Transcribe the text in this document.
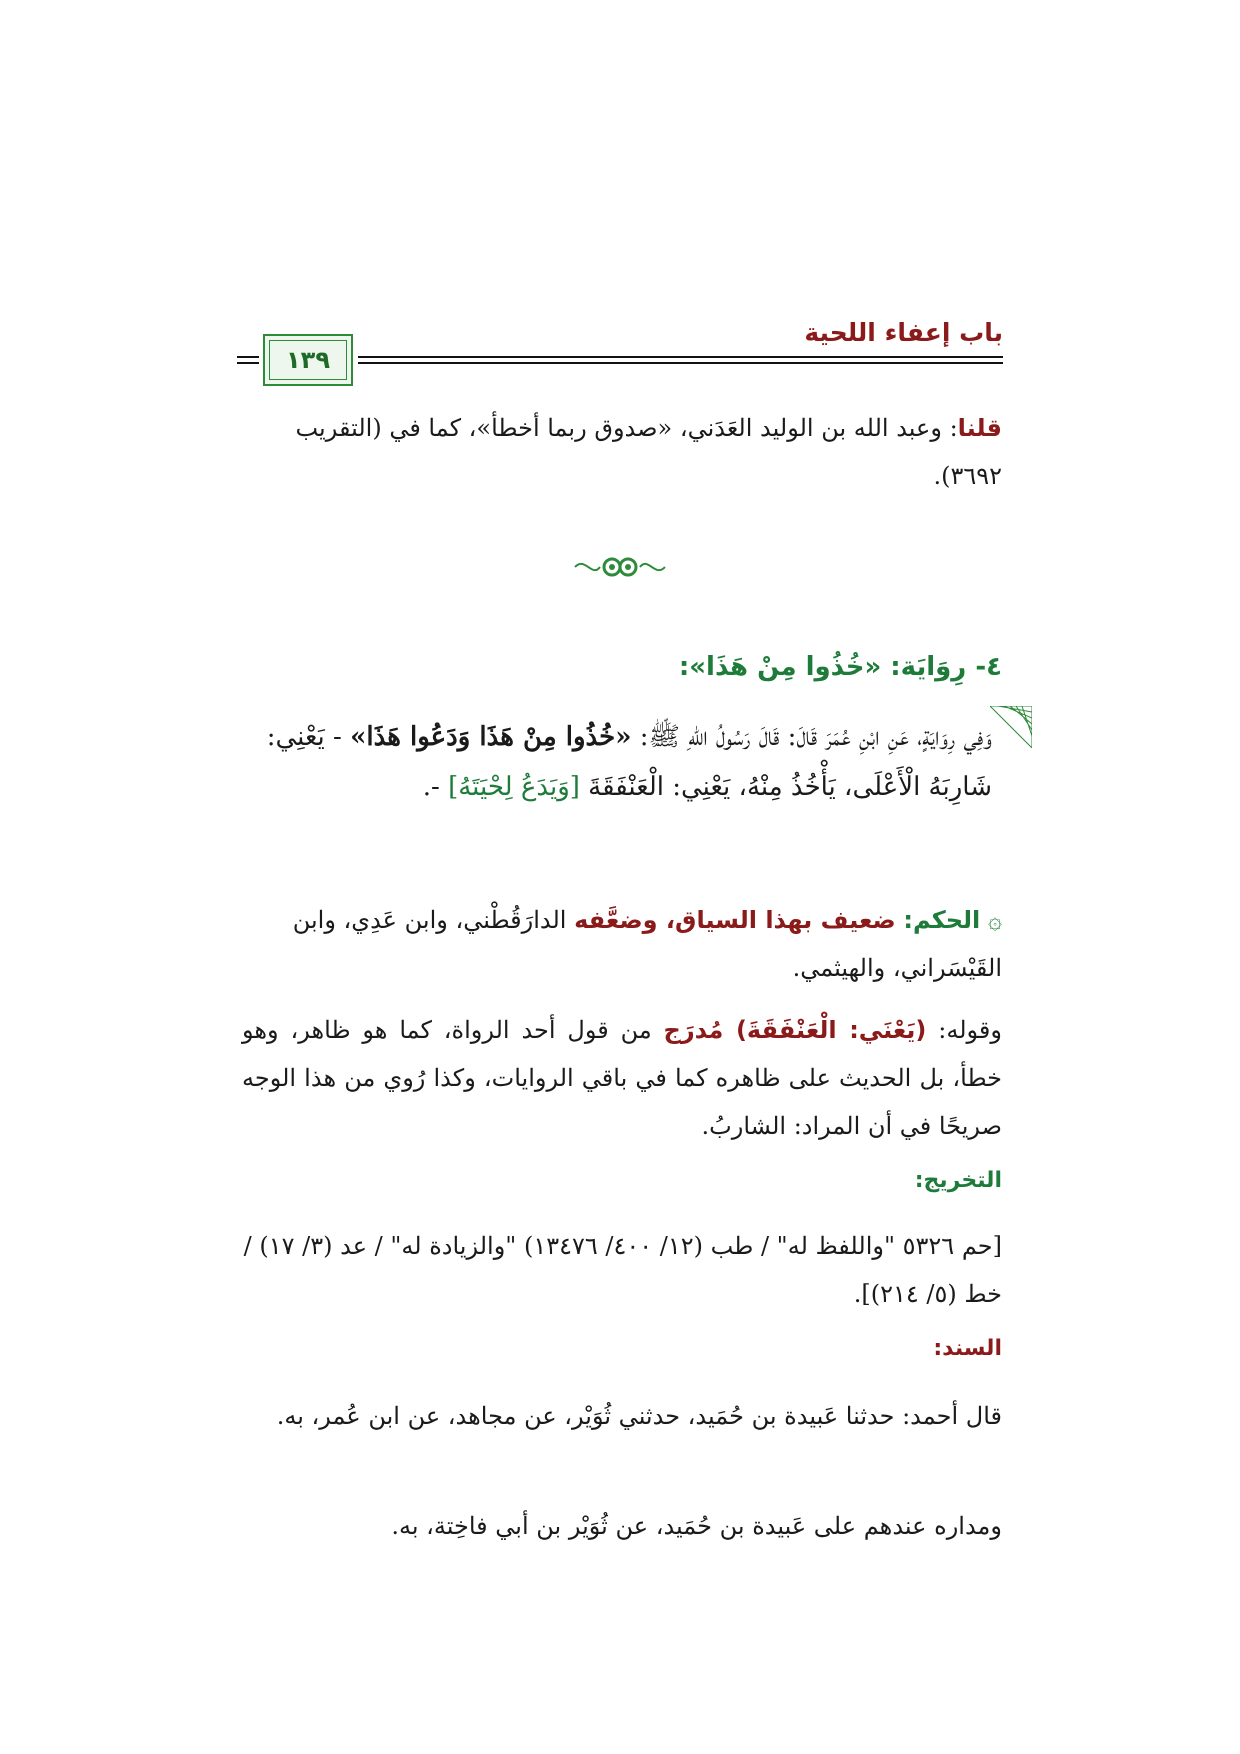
باب إعفاء اللحية
١٣٩
قلنا: وعبد الله بن الوليد العَدَني، «صدوق ربما أخطأ»، كما في (التقريب ٣٦٩٢).
٤- رِوَايَة: «خُذُوا مِنْ هَذَا»:
وَفِي رِوَايَةٍ، عَنِ ابْنِ عُمَرَ قَالَ: قَالَ رَسُولُ اللهِ ﷺ: «خُذُوا مِنْ هَذَا وَدَعُوا هَذَا» - يَعْنِي: شَارِبَهُ الْأَعْلَى، يَأْخُذُ مِنْهُ، يَعْنِي: الْعَنْفَقَةَ [وَيَدَعُ لِحْيَتَهُ] -.
۞ الحكم: ضعيف بهذا السياق، وضعَّفه الدارَقُطْني، وابن عَدِي، وابن القَيْسَراني، والهيثمي.
وقوله: (يَعْنَي: الْعَنْفَقَةَ) مُدرَج من قول أحد الرواة، كما هو ظاهر، وهو خطأ، بل الحديث على ظاهره كما في باقي الروايات، وكذا رُوي من هذا الوجه صريحًا في أن المراد: الشاربُ.
التخريج:
[حم ٥٣٢٦ "واللفظ له" / طب (١٢/ ٤٠٠/ ١٣٤٧٦) "والزيادة له" / عد (٣/ ١٧) / خط (٥/ ٢١٤)].
السند:
قال أحمد: حدثنا عَبيدة بن حُمَيد، حدثني ثُوَيْر، عن مجاهد، عن ابن عُمر، به.
ومداره عندهم على عَبيدة بن حُمَيد، عن ثُوَيْر بن أبي فاخِتة، به.
